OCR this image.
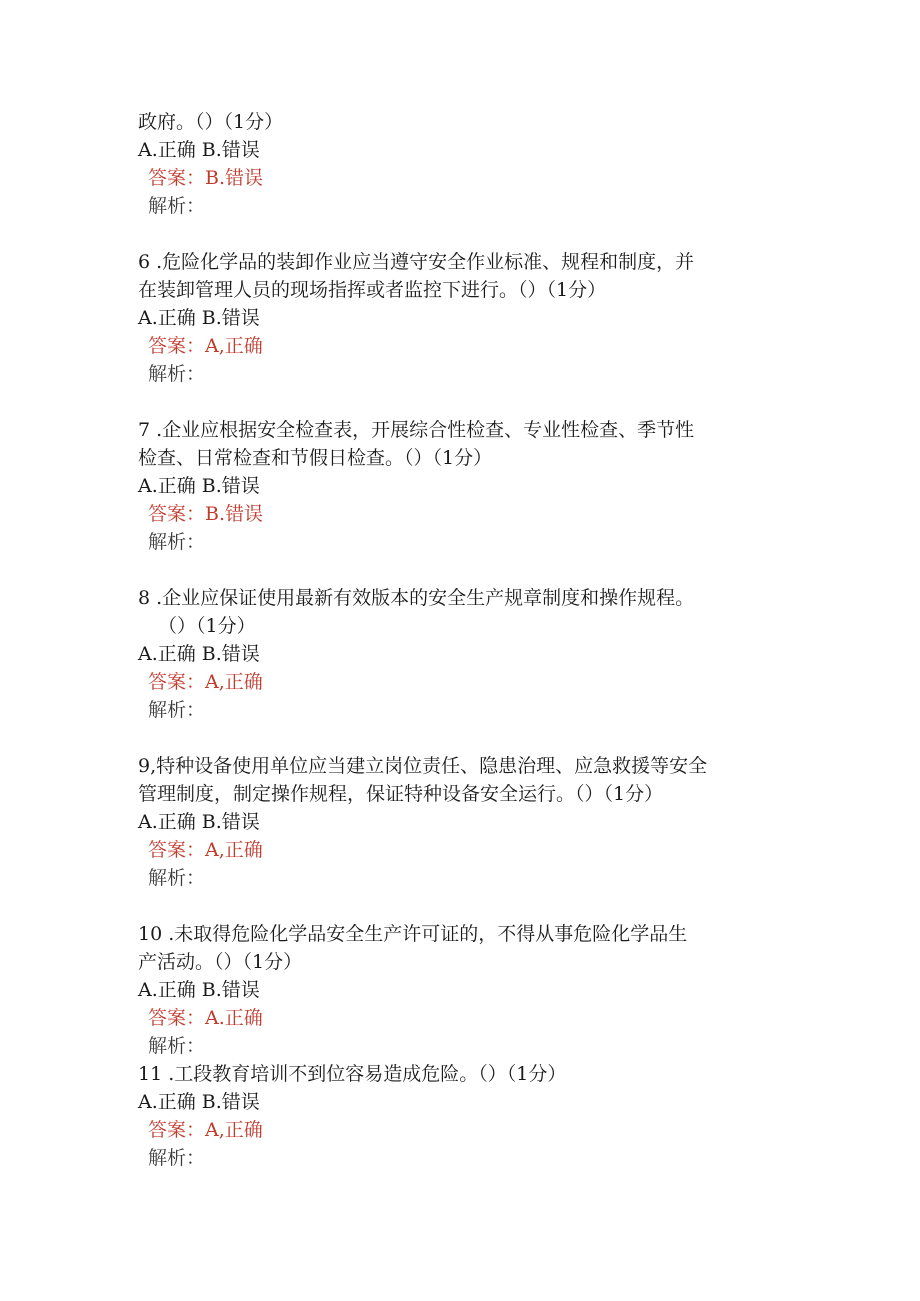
政府。（）（1分）
A.正确 B.错误
答案：B.错误
解析：
6 .危险化学品的装卸作业应当遵守安全作业标准、规程和制度，并
在装卸管理人员的现场指挥或者监控下进行。（）（1分）
A.正确 B.错误
答案：A,正确
解析：
7 .企业应根据安全检查表，开展综合性检查、专业性检查、季节性
检查、日常检查和节假日检查。（）（1分）
A.正确 B.错误
答案：B.错误
解析：
8 .企业应保证使用最新有效版本的安全生产规章制度和操作规程。
（）（1分）
A.正确 B.错误
答案：A,正确
解析：
9,特种设备使用单位应当建立岗位责任、隐患治理、应急救援等安全
管理制度，制定操作规程，保证特种设备安全运行。（）（1分）
A.正确 B.错误
答案：A,正确
解析：
10 .未取得危险化学品安全生产许可证的，不得从事危险化学品生
产活动。（）（1分）
A.正确 B.错误
答案：A.正确
解析：
11 .工段教育培训不到位容易造成危险。（）（1分）
A.正确 B.错误
答案：A,正确
解析：
